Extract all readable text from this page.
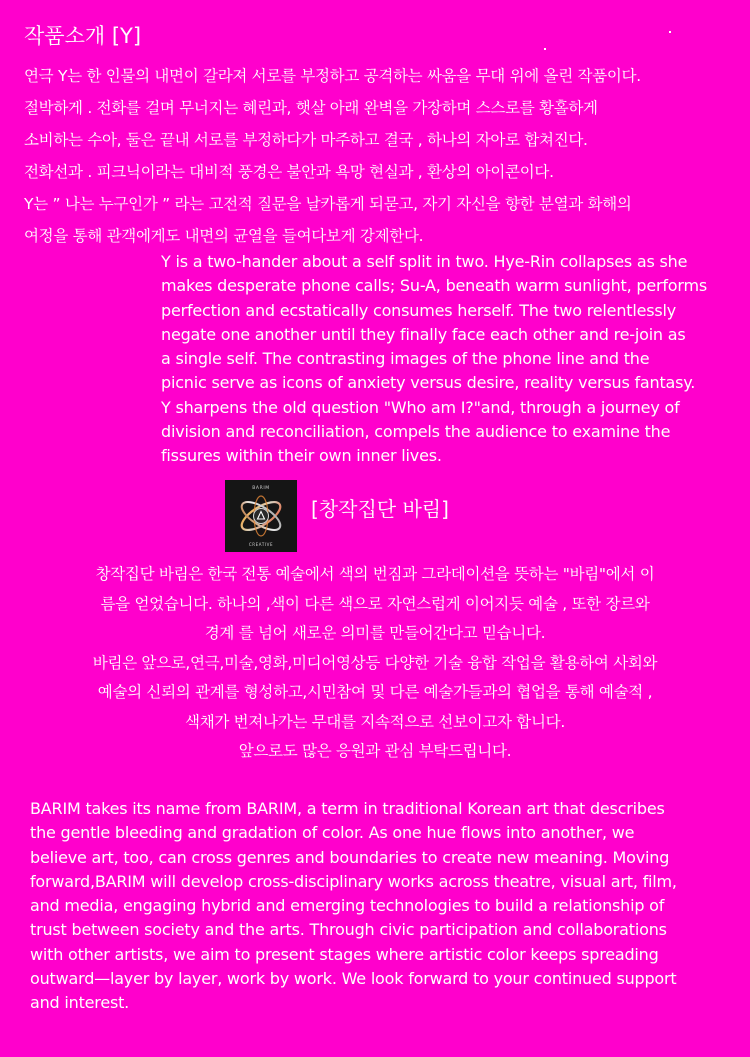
작품소개 [Y]
연극 Y는 한 인물의 내면이 갈라져 서로를 부정하고 공격하는 싸움을 무대 위에 올린 작품이다.
절박하게 . 전화를 걸며 무너지는 혜린과, 햇살 아래 완벽을 가장하며 스스로를 황홀하게
소비하는 수아, 둘은 끝내 서로를 부정하다가 마주하고 결국 , 하나의 자아로 합쳐진다.
전화선과 . 피크닉이라는 대비적 풍경은 불안과 욕망 현실과 , 환상의 아이콘이다.
Y는 ” 나는 누구인가 ” 라는 고전적 질문을 날카롭게 되묻고, 자기 자신을 향한 분열과 화해의
여정을 통해 관객에게도 내면의 균열을 들여다보게 강제한다.
Y is a two-hander about a self split in two. Hye-Rin collapses as she
makes desperate phone calls; Su-A, beneath warm sunlight, performs
perfection and ecstatically consumes herself. The two relentlessly
negate one another until they finally face each other and re-join as
a single self. The contrasting images of the phone line and the
picnic serve as icons of anxiety versus desire, reality versus fantasy.
Y sharpens the old question "Who am I?"and, through a journey of
division and reconciliation, compels the audience to examine the
fissures within their own inner lives.
BARIM
CREATIVE
[창작집단 바림]
창작집단 바림은 한국 전통 예술에서 색의 번짐과 그라데이션을 뜻하는 "바림"에서 이
름을 얻었습니다. 하나의 ,색이 다른 색으로 자연스럽게 이어지듯 예술 , 또한 장르와
경계 를 넘어 새로운 의미를 만들어간다고 믿습니다.
바림은 앞으로,연극,미술,영화,미디어영상등 다양한 기술 융합 작업을 활용하여 사회와
예술의 신뢰의 관계를 형성하고,시민참여 및 다른 예술가들과의 협업을 통해 예술적 ,
색채가 번져나가는 무대를 지속적으로 선보이고자 합니다.
앞으로도 많은 응원과 관심 부탁드립니다.
BARIM takes its name from BARIM, a term in traditional Korean art that describes
the gentle bleeding and gradation of color. As one hue flows into another, we
believe art, too, can cross genres and boundaries to create new meaning. Moving
forward,BARIM will develop cross-disciplinary works across theatre, visual art, film,
and media, engaging hybrid and emerging technologies to build a relationship of
trust between society and the arts. Through civic participation and collaborations
with other artists, we aim to present stages where artistic color keeps spreading
outward—layer by layer, work by work. We look forward to your continued support
and interest.
